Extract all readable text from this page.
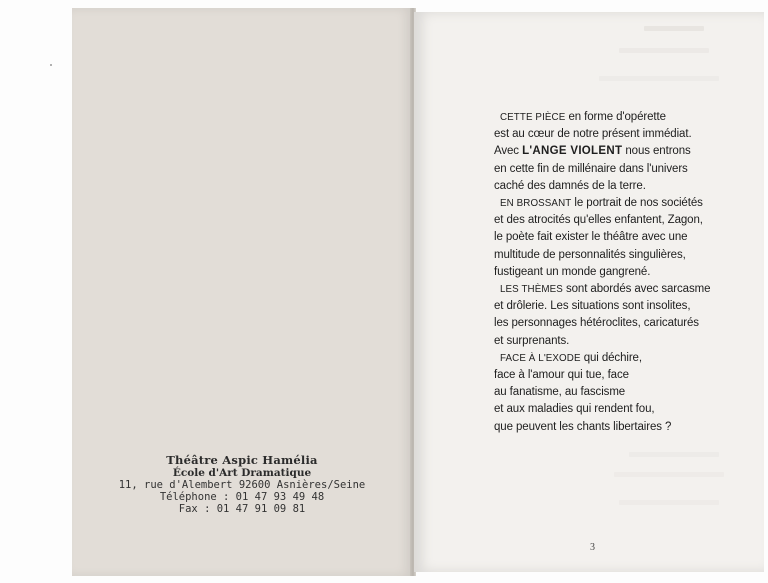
Théâtre Aspic Hamélia
École d'Art Dramatique
11, rue d'Alembert 92600 Asnières/Seine
Téléphone : 01 47 93 49 48
Fax : 01 47 91 09 81
CETTE PIÈCE en forme d'opérette
est au cœur de notre présent immédiat.
Avec L'ANGE VIOLENT nous entrons
en cette fin de millénaire dans l'univers
caché des damnés de la terre.
EN BROSSANT le portrait de nos sociétés
et des atrocités qu'elles enfantent, Zagon,
le poète fait exister le théâtre avec une
multitude de personnalités singulières,
fustigeant un monde gangrené.
LES THÈMES sont abordés avec sarcasme
et drôlerie. Les situations sont insolites,
les personnages hétéroclites, caricaturés
et surprenants.
FACE À L'EXODE qui déchire,
face à l'amour qui tue, face
au fanatisme, au fascisme
et aux maladies qui rendent fou,
que peuvent les chants libertaires ?
3
